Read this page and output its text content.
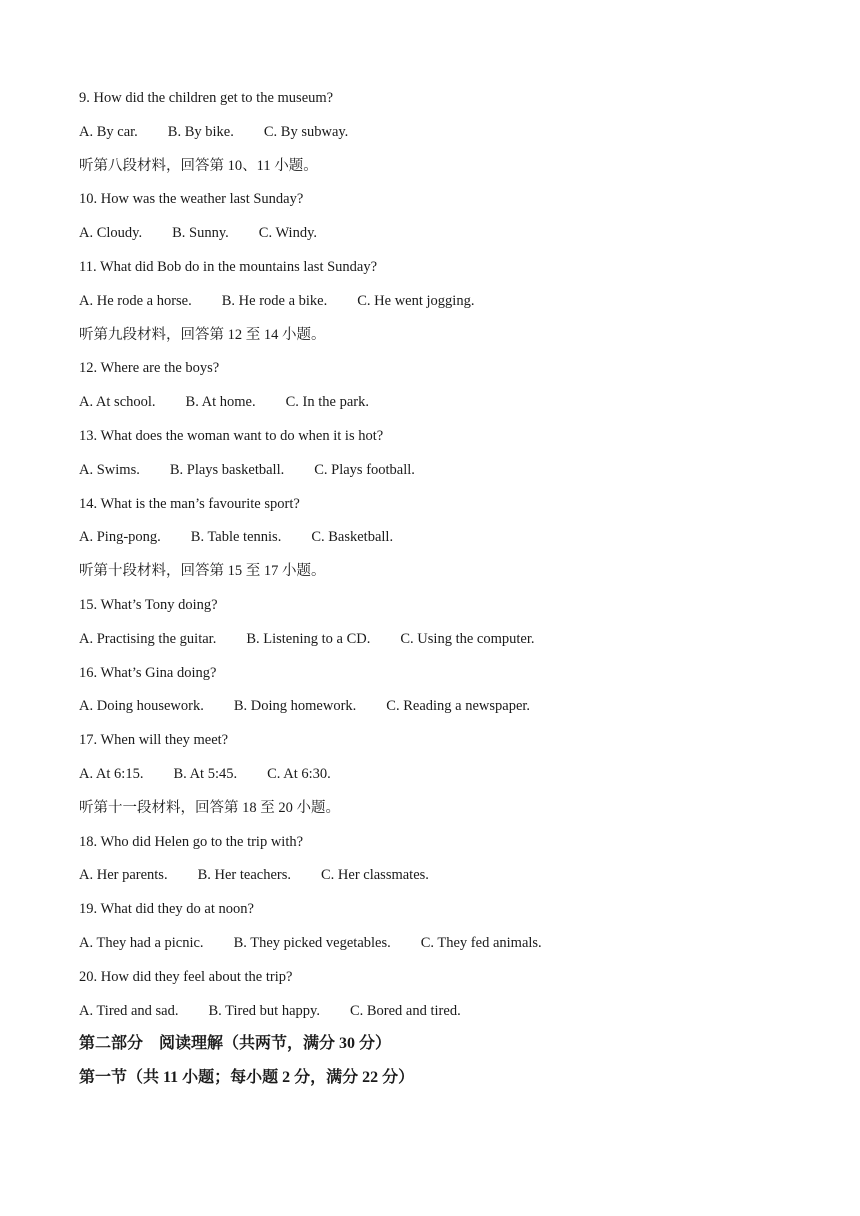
9. How did the children get to the museum?
A. By car. B. By bike. C. By subway.
听第八段材料，回答第 10、11 小题。
10. How was the weather last Sunday?
A. Cloudy. B. Sunny. C. Windy.
11. What did Bob do in the mountains last Sunday?
A. He rode a horse. B. He rode a bike. C. He went jogging.
听第九段材料，回答第 12 至 14 小题。
12. Where are the boys?
A. At school. B. At home. C. In the park.
13. What does the woman want to do when it is hot?
A. Swims. B. Plays basketball. C. Plays football.
14. What is the man’s favourite sport?
A. Ping-pong. B. Table tennis. C. Basketball.
听第十段材料，回答第 15 至 17 小题。
15. What’s Tony doing?
A. Practising the guitar. B. Listening to a CD. C. Using the computer.
16. What’s Gina doing?
A. Doing housework. B. Doing homework. C. Reading a newspaper.
17. When will they meet?
A. At 6:15. B. At 5:45. C. At 6:30.
听第十一段材料，回答第 18 至 20 小题。
18. Who did Helen go to the trip with?
A. Her parents. B. Her teachers. C. Her classmates.
19. What did they do at noon?
A. They had a picnic. B. They picked vegetables. C. They fed animals.
20. How did they feel about the trip?
A. Tired and sad. B. Tired but happy. C. Bored and tired.
第二部分　阅读理解（共两节，满分 30 分）
第一节（共 11 小题；每小题 2 分，满分 22 分）
